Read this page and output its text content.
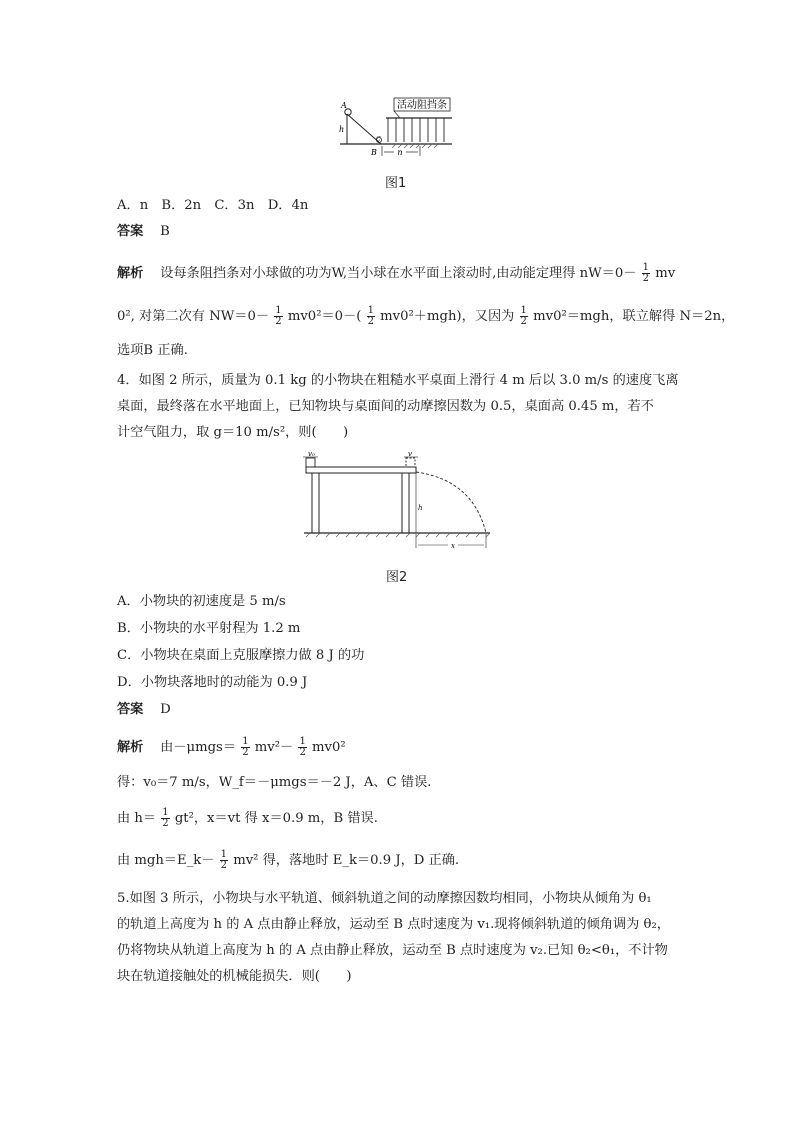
活动阻挡条
A
h
B
C
n
图1
A．n　B．2n　C．3n　D．4n
答案 B
解析 设每条阻挡条对小球做的功为W,当小球在水平面上滚动时,由动能定理得 $nW=0- \frac{1}{2}$ mv
0², 对第二次有 $NW=0- \frac{1}{2} mv0^2=0-( \frac{1}{2} mv0^2+mgh)$，又因为 $\frac{1}{2} mv0^2=mgh$，联立解得 N＝2n，
选项B 正确.
4．如图 2 所示，质量为 0.1 kg 的小物块在粗糙水平桌面上滑行 4 m 后以 3.0 m/s 的速度飞离
桌面，最终落在水平地面上，已知物块与桌面间的动摩擦因数为 0.5，桌面高 0.45 m，若不
计空气阻力，取 g＝10 m/s²，则(　　)
v₀	v
h
x
图2
A．小物块的初速度是 5 m/s
B．小物块的水平射程为 1.2 m
C．小物块在桌面上克服摩擦力做 8 J 的功
D．小物块落地时的动能为 0.9 J
答案 D
解析 由$-\mu mgs= \frac{1}{2} mv^2- \frac{1}{2} mv0^2$
得：v₀＝7 m/s，W_f＝－μmgs＝－2 J，A、C 错误.
由 $h= \frac{1}{2} gt^2$，x＝vt 得 x＝0.9 m，B 错误.
由 mgh＝E_k－ $\frac{1}{2} mv^2$ 得，落地时 E_k＝0.9 J，D 正确.
5.如图 3 所示，小物块与水平轨道、倾斜轨道之间的动摩擦因数均相同，小物块从倾角为 θ₁
的轨道上高度为 h 的 A 点由静止释放，运动至 B 点时速度为 v₁.现将倾斜轨道的倾角调为 θ₂，
仍将物块从轨道上高度为 h 的 A 点由静止释放，运动至 B 点时速度为 v₂.已知 θ₂<θ₁，不计物
块在轨道接触处的机械能损失．则(　　)
